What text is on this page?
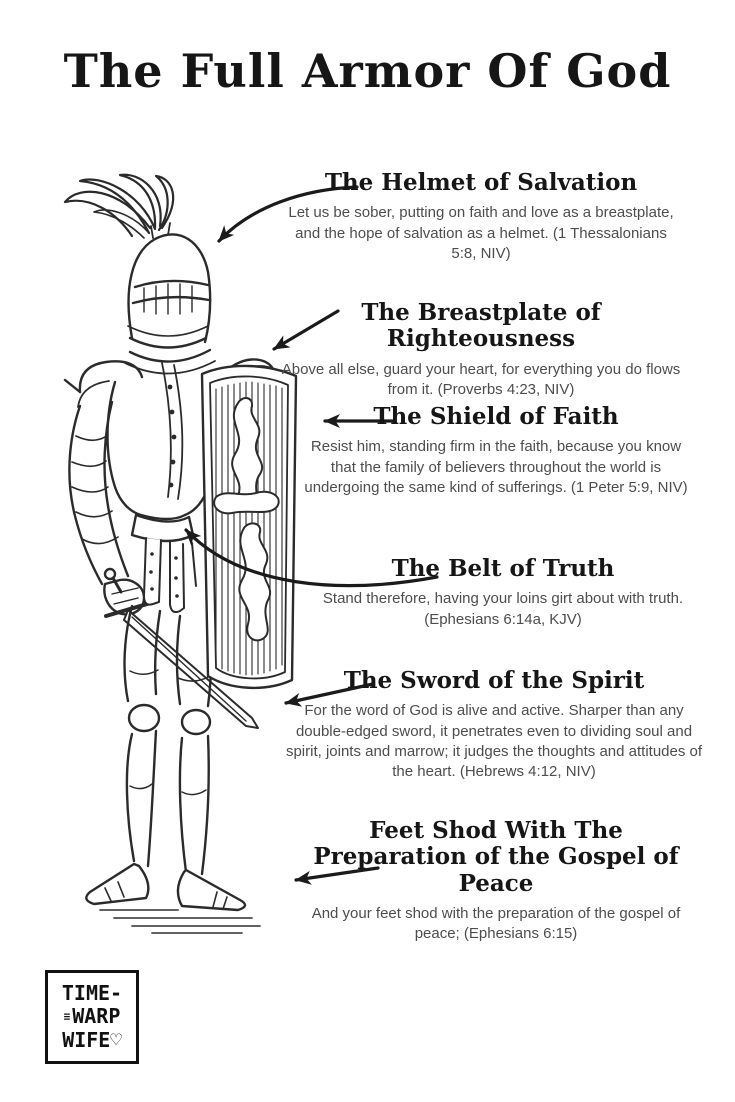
The Full Armor Of God
The Helmet of Salvation
Let us be sober, putting on faith and love as a breastplate, and the hope of salvation as a helmet. (1 Thessalonians 5:8, NIV)
The Breastplate of Righteousness
Above all else, guard your heart, for everything you do flows from it. (Proverbs 4:23, NIV)
The Shield of Faith
Resist him, standing firm in the faith, because you know that the family of believers throughout the world is undergoing the same kind of sufferings. (1 Peter 5:9, NIV)
The Belt of Truth
Stand therefore, having your loins girt about with truth. (Ephesians 6:14a, KJV)
The Sword of the Spirit
For the word of God is alive and active. Sharper than any double-edged sword, it penetrates even to dividing soul and spirit, joints and marrow; it judges the thoughts and attitudes of the heart. (Hebrews 4:12, NIV)
Feet Shod With The Preparation of the Gospel of Peace
And your feet shod with the preparation of the gospel of peace; (Ephesians 6:15)
TIME-
≡ WARP
WIFE ♡
